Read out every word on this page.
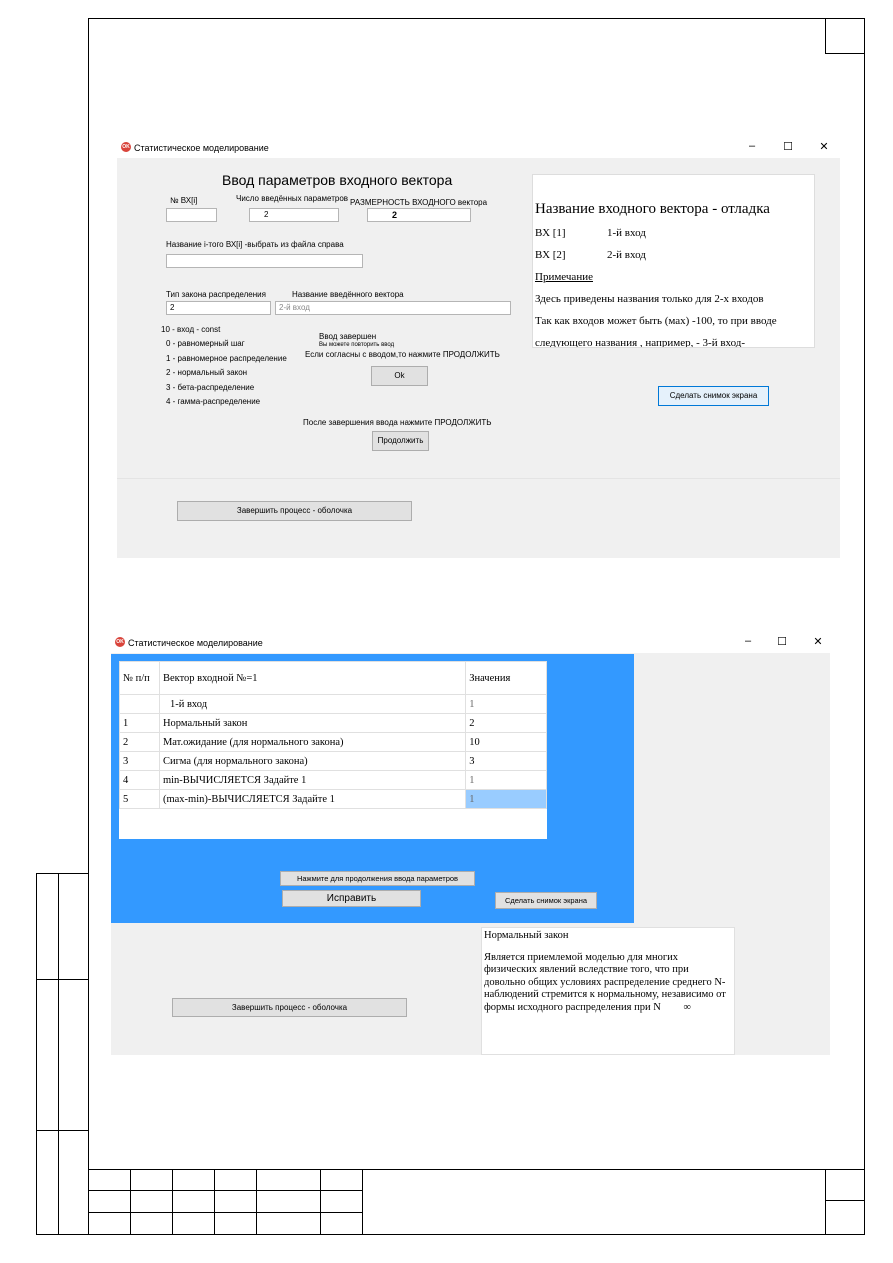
OK Статистическое моделирование	–	☐	✕
Ввод параметров входного вектора
№ ВХ[i]	Число введённых параметров
2
РАЗМЕРНОСТЬ ВХОДНОГО вектора
2
Название i-того ВХ[i] -выбрать из файла справа
Тип закона распределения
2
Название введённого вектора
2-й вход
10 - вход - const
0 - равномерный шаг
1 - равномерное распределение
2 - нормальный закон
3 - бета-распределение
4 - гамма-распределение
Ввод завершен
Вы можете повторить ввод
Если согласны с вводом,то нажмите ПРОДОЛЖИТЬ
Ok
После завершения ввода нажмите ПРОДОЛЖИТЬ
Продолжить
Сделать снимок экрана
Завершить процесс - оболочка
Название входного вектора - отладка
ВХ [1]	1-й вход
ВХ [2]	2-й вход
Примечание
Здесь приведены названия только для 2-х входов
Так как входов может быть (мах) -100, то при вводе
следующего названия , например, - 3-й вход-
OK Статистическое моделирование	–	☐	✕
№ п/п	Вектор входной №=1	Значения
	1-й вход	1
1	Нормальный закон	2
2	Мат.ожидание (для нормального закона)	10
3	Сигма (для нормального закона)	3
4	min-ВЫЧИСЛЯЕТСЯ Задайте 1	1
5	(max-min)-ВЫЧИСЛЯЕТСЯ Задайте 1	1
Нажмите для продолжения ввода параметров
Исправить	Сделать снимок экрана
Завершить процесс - оболочка
Нормальный закон
Является приемлемой моделью для многих физических явлений вследствие того, что при довольно общих условиях распределение среднего N-наблюдений стремится к нормальному, независимо от формы исходного распределения при N ∞
